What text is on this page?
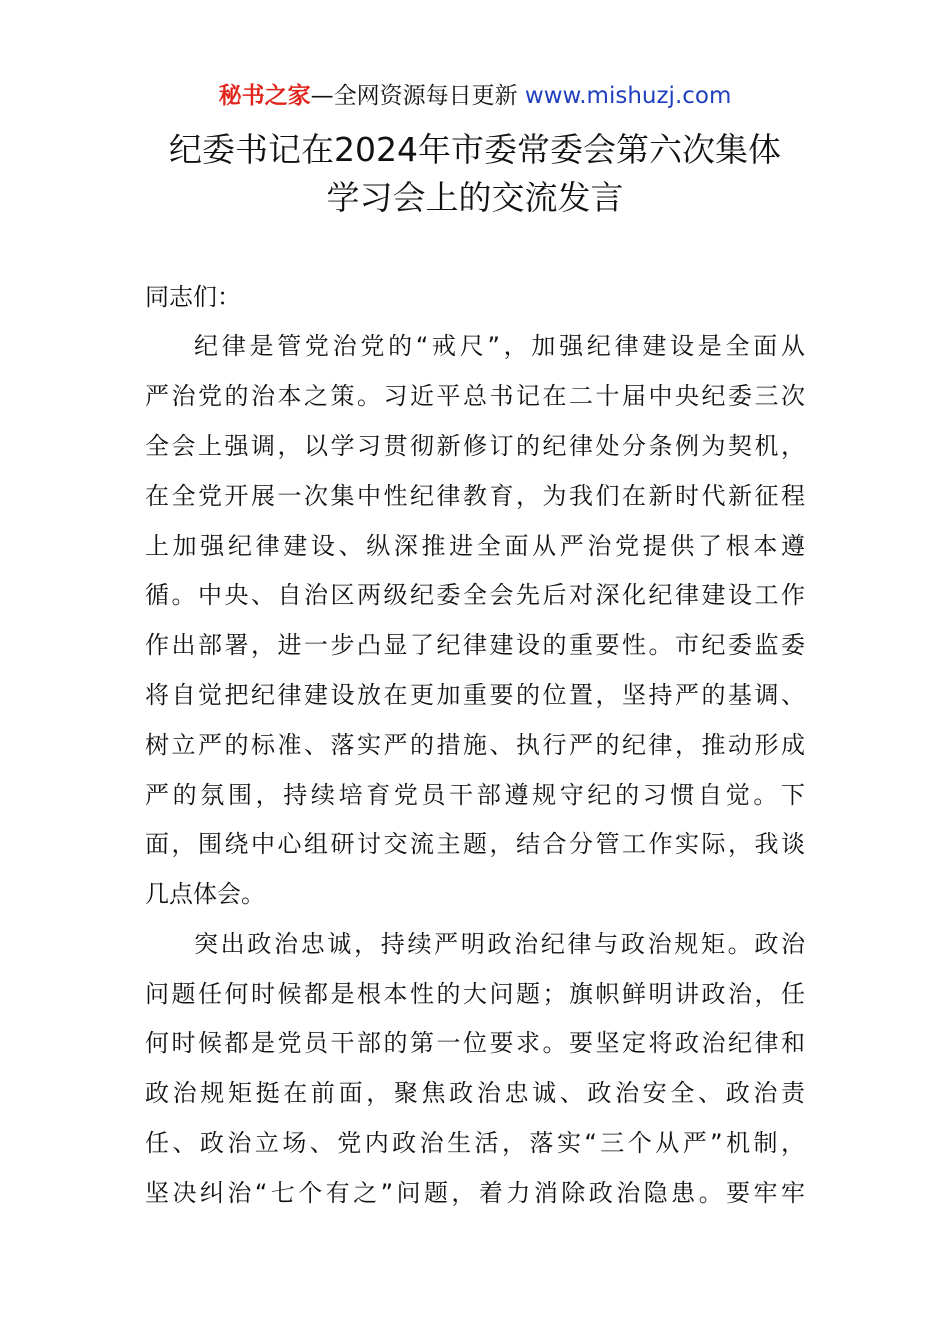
秘书之家—全网资源每日更新 www.mishuzj.com
纪委书记在2024年市委常委会第六次集体
学习会上的交流发言
同志们：
纪律是管党治党的“戒尺”，加强纪律建设是全面从
严治党的治本之策。习近平总书记在二十届中央纪委三次
全会上强调，以学习贯彻新修订的纪律处分条例为契机，
在全党开展一次集中性纪律教育，为我们在新时代新征程
上加强纪律建设、纵深推进全面从严治党提供了根本遵
循。中央、自治区两级纪委全会先后对深化纪律建设工作
作出部署，进一步凸显了纪律建设的重要性。市纪委监委
将自觉把纪律建设放在更加重要的位置，坚持严的基调、
树立严的标准、落实严的措施、执行严的纪律，推动形成
严的氛围，持续培育党员干部遵规守纪的习惯自觉。下
面，围绕中心组研讨交流主题，结合分管工作实际，我谈
几点体会。
突出政治忠诚，持续严明政治纪律与政治规矩。政治
问题任何时候都是根本性的大问题；旗帜鲜明讲政治，任
何时候都是党员干部的第一位要求。要坚定将政治纪律和
政治规矩挺在前面，聚焦政治忠诚、政治安全、政治责
任、政治立场、党内政治生活，落实“三个从严”机制，
坚决纠治“七个有之”问题，着力消除政治隐患。要牢牢
